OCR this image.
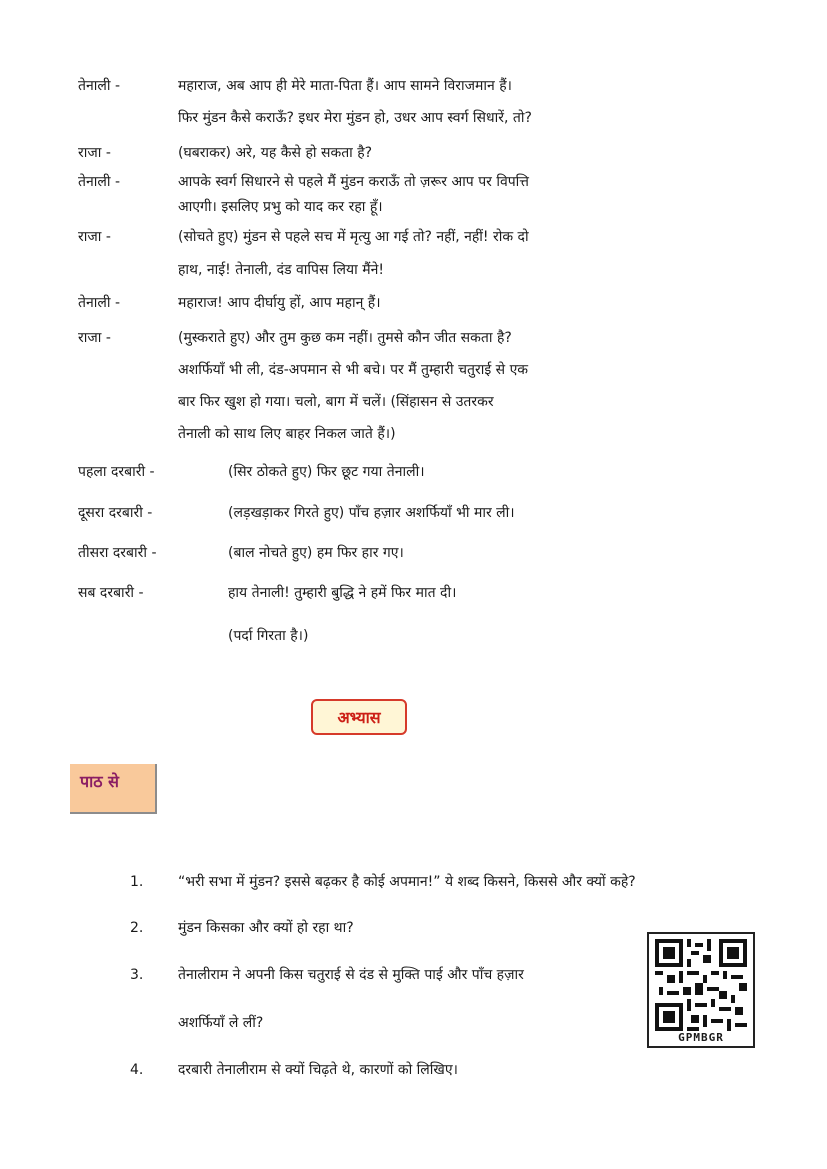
तेनाली -	महाराज, अब आप ही मेरे माता-पिता हैं। आप सामने विराजमान हैं।
फिर मुंडन कैसे कराऊँ? इधर मेरा मुंडन हो, उधर आप स्वर्ग सिधारें, तो?
राजा -	(घबराकर) अरे, यह कैसे हो सकता है?
तेनाली -	आपके स्वर्ग सिधारने से पहले मैं मुंडन कराऊँ तो ज़रूर आप पर विपत्ति
आएगी। इसलिए प्रभु को याद कर रहा हूँ।
राजा -	(सोचते हुए) मुंडन से पहले सच में मृत्यु आ गई तो? नहीं, नहीं! रोक दो
हाथ, नाई! तेनाली, दंड वापिस लिया मैंने!
तेनाली -	महाराज! आप दीर्घायु हों, आप महान् हैं।
राजा -	(मुस्कराते हुए) और तुम कुछ कम नहीं। तुमसे कौन जीत सकता है?
अशर्फियाँ भी ली, दंड-अपमान से भी बचे। पर मैं तुम्हारी चतुराई से एक
बार फिर खुश हो गया। चलो, बाग में चलें। (सिंहासन से उतरकर
तेनाली को साथ लिए बाहर निकल जाते हैं।)
पहला दरबारी -	(सिर ठोकते हुए) फिर छूट गया तेनाली।
दूसरा दरबारी -	(लड़खड़ाकर गिरते हुए) पाँच हज़ार अशर्फियाँ भी मार ली।
तीसरा दरबारी -	(बाल नोचते हुए) हम फिर हार गए।
सब दरबारी -	हाय तेनाली! तुम्हारी बुद्धि ने हमें फिर मात दी।
(पर्दा गिरता है।)
अभ्यास
पाठ से
1. “भरी सभा में मुंडन? इससे बढ़कर है कोई अपमान!” ये शब्द किसने, किससे और क्यों कहे?
2. मुंडन किसका और क्यों हो रहा था?
3. तेनालीराम ने अपनी किस चतुराई से दंड से मुक्ति पाई और पाँच हज़ार
अशर्फियाँ ले लीं?
4. दरबारी तेनालीराम से क्यों चिढ़ते थे, कारणों को लिखिए।
GPMBGR
